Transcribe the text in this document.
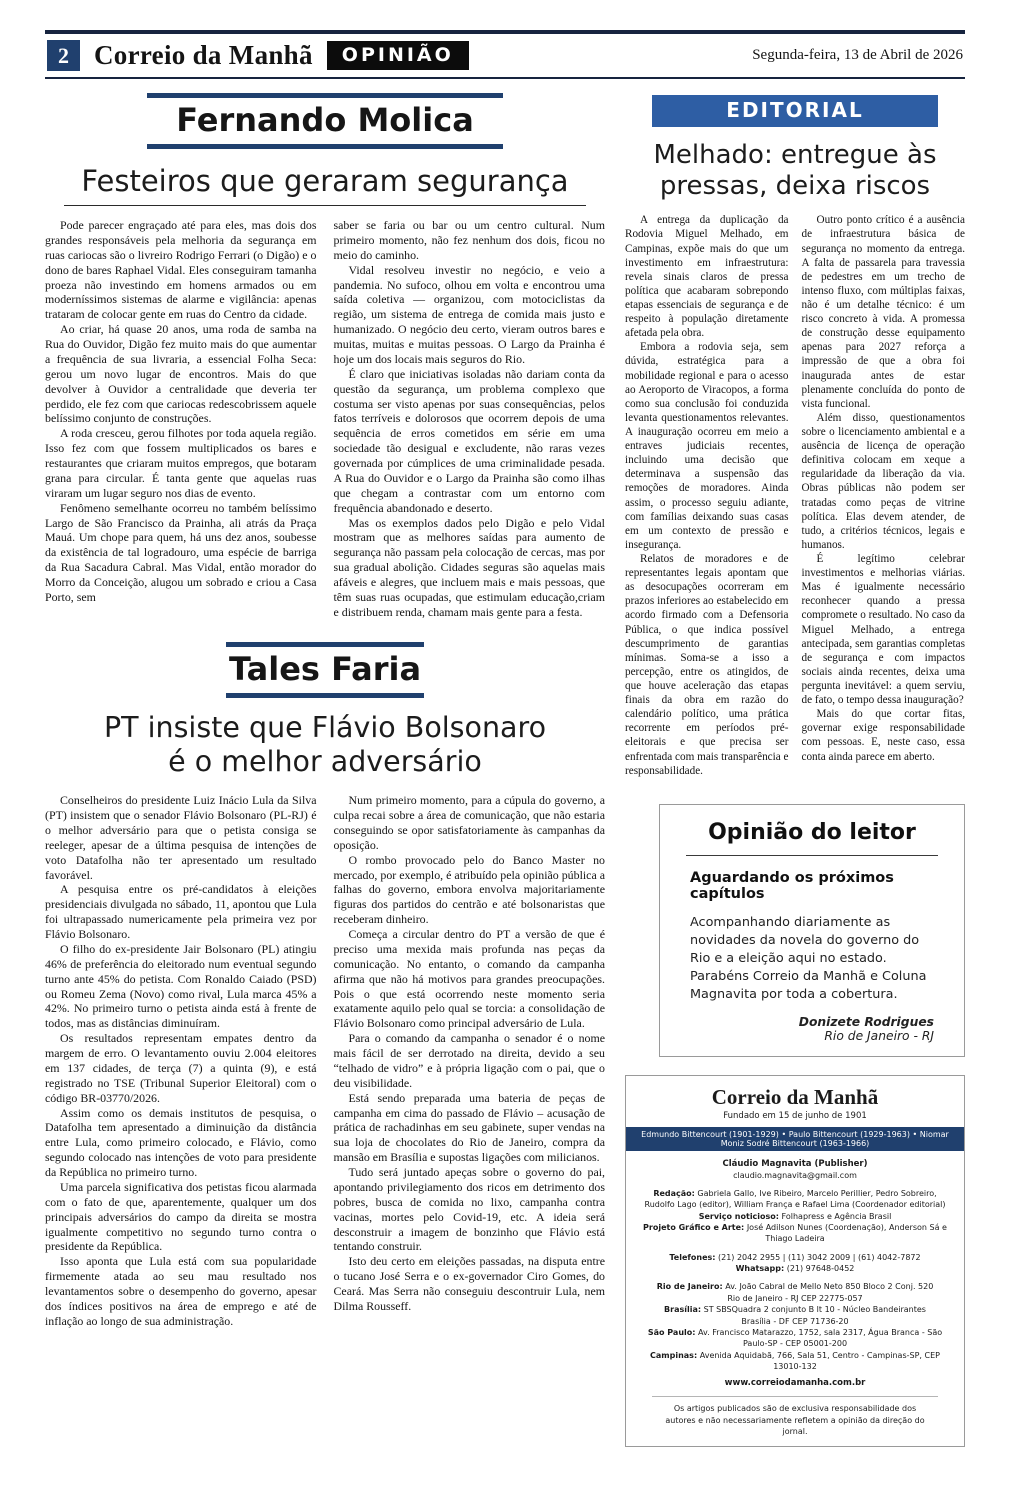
2 Correio da Manhã	OPINIÃO	Segunda-feira, 13 de Abril de 2026
Fernando Molica
Festeiros que geraram segurança

Pode parecer engraçado até para eles, mas dois dos grandes responsáveis pela melhoria da segurança em ruas cariocas são o livreiro Rodrigo Ferrari (o Digão) e o dono de bares Raphael Vidal. Eles conseguiram tamanha proeza não investindo em homens armados ou em moderníssimos sistemas de alarme e vigilância: apenas trataram de colocar gente em ruas do Centro da cidade.

Ao criar, há quase 20 anos, uma roda de samba na Rua do Ouvidor, Digão fez muito mais do que aumentar a frequência de sua livraria, a essencial Folha Seca: gerou um novo lugar de encontros. Mais do que devolver à Ouvidor a centralidade que deveria ter perdido, ele fez com que cariocas redescobrissem aquele belíssimo conjunto de construções.

A roda cresceu, gerou filhotes por toda aquela região. Isso fez com que fossem multiplicados os bares e restaurantes que criaram muitos empregos, que botaram grana para circular. É tanta gente que aquelas ruas viraram um lugar seguro nos dias de evento.

Fenômeno semelhante ocorreu no também belíssimo Largo de São Francisco da Prainha, ali atrás da Praça Mauá. Um chope para quem, há uns dez anos, soubesse da existência de tal logradouro, uma espécie de barriga da Rua Sacadura Cabral. Mas Vidal, então morador do Morro da Conceição, alugou um sobrado e criou a Casa Porto, sem

saber se faria ou bar ou um centro cultural. Num primeiro momento, não fez nenhum dos dois, ficou no meio do caminho.

Vidal resolveu investir no negócio, e veio a pandemia. No sufoco, olhou em volta e encontrou uma saída coletiva — organizou, com motociclistas da região, um sistema de entrega de comida mais justo e humanizado. O negócio deu certo, vieram outros bares e muitas, muitas e muitas pessoas. O Largo da Prainha é hoje um dos locais mais seguros do Rio.

É claro que iniciativas isoladas não dariam conta da questão da segurança, um problema complexo que costuma ser visto apenas por suas consequências, pelos fatos terríveis e dolorosos que ocorrem depois de uma sequência de erros cometidos em série em uma sociedade tão desigual e excludente, não raras vezes governada por cúmplices de uma criminalidade pesada. A Rua do Ouvidor e o Largo da Prainha são como ilhas que chegam a contrastar com um entorno com frequência abandonado e deserto.

Mas os exemplos dados pelo Digão e pelo Vidal mostram que as melhores saídas para aumento de segurança não passam pela colocação de cercas, mas por sua gradual abolição. Cidades seguras são aquelas mais afáveis e alegres, que incluem mais e mais pessoas, que têm suas ruas ocupadas, que estimulam educação,criam e distribuem renda, chamam mais gente para a festa.

Tales Faria
PT insiste que Flávio Bolsonaro
é o melhor adversário

Conselheiros do presidente Luiz Inácio Lula da Silva (PT) insistem que o senador Flávio Bolsonaro (PL-RJ) é o melhor adversário para que o petista consiga se reeleger, apesar de a última pesquisa de intenções de voto Datafolha não ter apresentado um resultado favorável.

A pesquisa entre os pré-candidatos à eleições presidenciais divulgada no sábado, 11, apontou que Lula foi ultrapassado numericamente pela primeira vez por Flávio Bolsonaro.

O filho do ex-presidente Jair Bolsonaro (PL) atingiu 46% de preferência do eleitorado num eventual segundo turno ante 45% do petista. Com Ronaldo Caiado (PSD) ou Romeu Zema (Novo) como rival, Lula marca 45% a 42%. No primeiro turno o petista ainda está à frente de todos, mas as distâncias diminuíram.

Os resultados representam empates dentro da margem de erro. O levantamento ouviu 2.004 eleitores em 137 cidades, de terça (7) a quinta (9), e está registrado no TSE (Tribunal Superior Eleitoral) com o código BR-03770/2026.

Assim como os demais institutos de pesquisa, o Datafolha tem apresentado a diminuição da distância entre Lula, como primeiro colocado, e Flávio, como segundo colocado nas intenções de voto para presidente da República no primeiro turno.

Uma parcela significativa dos petistas ficou alarmada com o fato de que, aparentemente, qualquer um dos principais adversários do campo da direita se mostra igualmente competitivo no segundo turno contra o presidente da República.

Isso aponta que Lula está com sua popularidade firmemente atada ao seu mau resultado nos levantamentos sobre o desempenho do governo, apesar dos índices positivos na área de emprego e até de inflação ao longo de sua administração.

Num primeiro momento, para a cúpula do governo, a culpa recai sobre a área de comunicação, que não estaria conseguindo se opor satisfatoriamente às campanhas da oposição.

O rombo provocado pelo do Banco Master no mercado, por exemplo, é atribuído pela opinião pública a falhas do governo, embora envolva majoritariamente figuras dos partidos do centrão e até bolsonaristas que receberam dinheiro.

Começa a circular dentro do PT a versão de que é preciso uma mexida mais profunda nas peças da comunicação. No entanto, o comando da campanha afirma que não há motivos para grandes preocupações. Pois o que está ocorrendo neste momento seria exatamente aquilo pelo qual se torcia: a consolidação de Flávio Bolsonaro como principal adversário de Lula.

Para o comando da campanha o senador é o nome mais fácil de ser derrotado na direita, devido a seu “telhado de vidro” e à própria ligação com o pai, que o deu visibilidade.

Está sendo preparada uma bateria de peças de campanha em cima do passado de Flávio – acusação de prática de rachadinhas em seu gabinete, super vendas na sua loja de chocolates do Rio de Janeiro, compra da mansão em Brasília e supostas ligações com milicianos.

Tudo será juntado apeças sobre o governo do pai, apontando privilegiamento dos ricos em detrimento dos pobres, busca de comida no lixo, campanha contra vacinas, mortes pelo Covid-19, etc. A ideia será desconstruir a imagem de bonzinho que Flávio está tentando construir.

Isto deu certo em eleições passadas, na disputa entre o tucano José Serra e o ex-governador Ciro Gomes, do Ceará. Mas Serra não conseguiu descontruir Lula, nem Dilma Rousseff.

EDITORIAL
Melhado: entregue às
pressas, deixa riscos

A entrega da duplicação da Rodovia Miguel Melhado, em Campinas, expõe mais do que um investimento em infraestrutura: revela sinais claros de pressa política que acabaram sobrepondo etapas essenciais de segurança e de respeito à população diretamente afetada pela obra.

Embora a rodovia seja, sem dúvida, estratégica para a mobilidade regional e para o acesso ao Aeroporto de Viracopos, a forma como sua conclusão foi conduzida levanta questionamentos relevantes. A inauguração ocorreu em meio a entraves judiciais recentes, incluindo uma decisão que determinava a suspensão das remoções de moradores. Ainda assim, o processo seguiu adiante, com famílias deixando suas casas em um contexto de pressão e insegurança.

Relatos de moradores e de representantes legais apontam que as desocupações ocorreram em prazos inferiores ao estabelecido em acordo firmado com a Defensoria Pública, o que indica possível descumprimento de garantias mínimas. Soma-se a isso a percepção, entre os atingidos, de que houve aceleração das etapas finais da obra em razão do calendário político, uma prática recorrente em períodos pré-eleitorais e que precisa ser enfrentada com mais transparência e responsabilidade.

Outro ponto crítico é a ausência de infraestrutura básica de segurança no momento da entrega. A falta de passarela para travessia de pedestres em um trecho de intenso fluxo, com múltiplas faixas, não é um detalhe técnico: é um risco concreto à vida. A promessa de construção desse equipamento apenas para 2027 reforça a impressão de que a obra foi inaugurada antes de estar plenamente concluída do ponto de vista funcional.

Além disso, questionamentos sobre o licenciamento ambiental e a ausência de licença de operação definitiva colocam em xeque a regularidade da liberação da via. Obras públicas não podem ser tratadas como peças de vitrine política. Elas devem atender, de tudo, a critérios técnicos, legais e humanos.

É legítimo celebrar investimentos e melhorias viárias. Mas é igualmente necessário reconhecer quando a pressa compromete o resultado. No caso da Miguel Melhado, a entrega antecipada, sem garantias completas de segurança e com impactos sociais ainda recentes, deixa uma pergunta inevitável: a quem serviu, de fato, o tempo dessa inauguração?

Mais do que cortar fitas, governar exige responsabilidade com pessoas. E, neste caso, essa conta ainda parece em aberto.

Opinião do leitor
Aguardando os próximos capítulos

Acompanhando diariamente as novidades da novela do governo do Rio e a eleição aqui no estado. Parabéns Correio da Manhã e Coluna Magnavita por toda a cobertura.

Donizete Rodrigues
Rio de Janeiro - RJ
Correio da Manhã
Fundado em 15 de junho de 1901
Edmundo Bittencourt (1901-1929) • Paulo Bittencourt (1929-1963) • Niomar Moniz Sodré Bittencourt (1963-1966)
Cláudio Magnavita (Publisher)
claudio.magnavita@gmail.com
Redação: Gabriela Gallo, Ive Ribeiro, Marcelo Perillier, Pedro Sobreiro, Rudolfo Lago (editor), William França e Rafael Lima (Coordenador editorial)
Serviço noticioso: Folhapress e Agência Brasil
Projeto Gráfico e Arte: José Adilson Nunes (Coordenação), Anderson Sá e Thiago Ladeira
Telefones: (21) 2042 2955 | (11) 3042 2009 | (61) 4042-7872
Whatsapp: (21) 97648-0452
Rio de Janeiro: Av. João Cabral de Mello Neto 850 Bloco 2 Conj. 520
Rio de Janeiro - RJ CEP 22775-057
Brasília: ST SBSQuadra 2 conjunto B lt 10 - Núcleo Bandeirantes
Brasília - DF CEP 71736-20
São Paulo: Av. Francisco Matarazzo, 1752, sala 2317, Água Branca - São Paulo-SP - CEP 05001-200
Campinas: Avenida Aquidabã, 766, Sala 51, Centro - Campinas-SP, CEP 13010-132
www.correiodamanha.com.br
Os artigos publicados são de exclusiva responsabilidade dos autores e não necessariamente refletem a opinião da direção do jornal.
